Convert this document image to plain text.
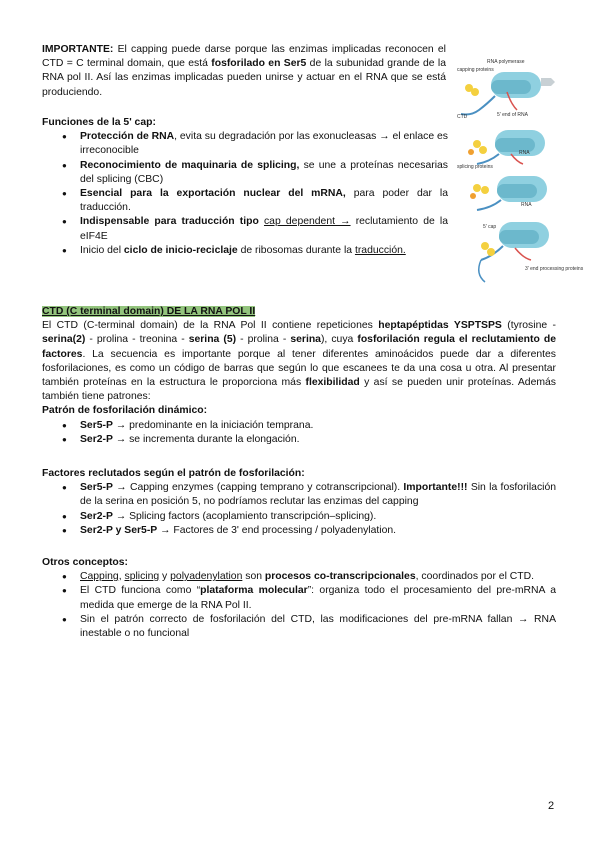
IMPORTANTE: El capping puede darse porque las enzimas implicadas reconocen el CTD = C terminal domain, que está fosforilado en Ser5 de la subunidad grande de la RNA pol II. Así las enzimas implicadas pueden unirse y actuar en el RNA que se está produciendo.

Funciones de la 5' cap:

● Protección de RNA, evita su degradación por las exonucleasas → el enlace es irreconocible
● Reconocimiento de maquinaria de splicing, se une a proteínas necesarias del splicing (CBC)
● Esencial para la exportación nuclear del mRNA, para poder dar la traducción.
● Indispensable para traducción tipo cap dependent → reclutamiento de la eIF4E
● Inicio del ciclo de inicio-reciclaje de ribosomas durante la traducción.
RNA polymerase
capping proteins
CTD	5' end of RNA
splicing proteins
RNA
RNA
5' cap
3' end processing proteins

CTD (C terminal domain) DE LA RNA POL II

El CTD (C-terminal domain) de la RNA Pol II contiene repeticiones heptapéptidas YSPTSPS (tyrosine - serina(2) - prolina - treonina - serina (5) - prolina - serina), cuya fosforilación regula el reclutamiento de factores. La secuencia es importante porque al tener diferentes aminoácidos puede dar a diferentes fosforilaciones, es como un código de barras que según lo que escanees te da una cosa u otra. Al presentar también proteínas en la estructura le proporciona más flexibilidad y así se pueden unir proteínas. Además también tiene patrones:

Patrón de fosforilación dinámico:

● Ser5-P → predominante en la iniciación temprana.
● Ser2-P → se incrementa durante la elongación.

Factores reclutados según el patrón de fosforilación:

● Ser5-P → Capping enzymes (capping temprano y cotranscripcional). Importante!!! Sin la fosforilación de la serina en posición 5, no podríamos reclutar las enzimas del capping
● Ser2-P → Splicing factors (acoplamiento transcripción–splicing).
● Ser2-P y Ser5-P → Factores de 3' end processing / polyadenylation.

Otros conceptos:

● Capping, splicing y polyadenylation son procesos co-transcripcionales, coordinados por el CTD.
● El CTD funciona como “plataforma molecular”: organiza todo el procesamiento del pre-mRNA a medida que emerge de la RNA Pol II.
● Sin el patrón correcto de fosforilación del CTD, las modificaciones del pre-mRNA fallan → RNA inestable o no funcional
2
